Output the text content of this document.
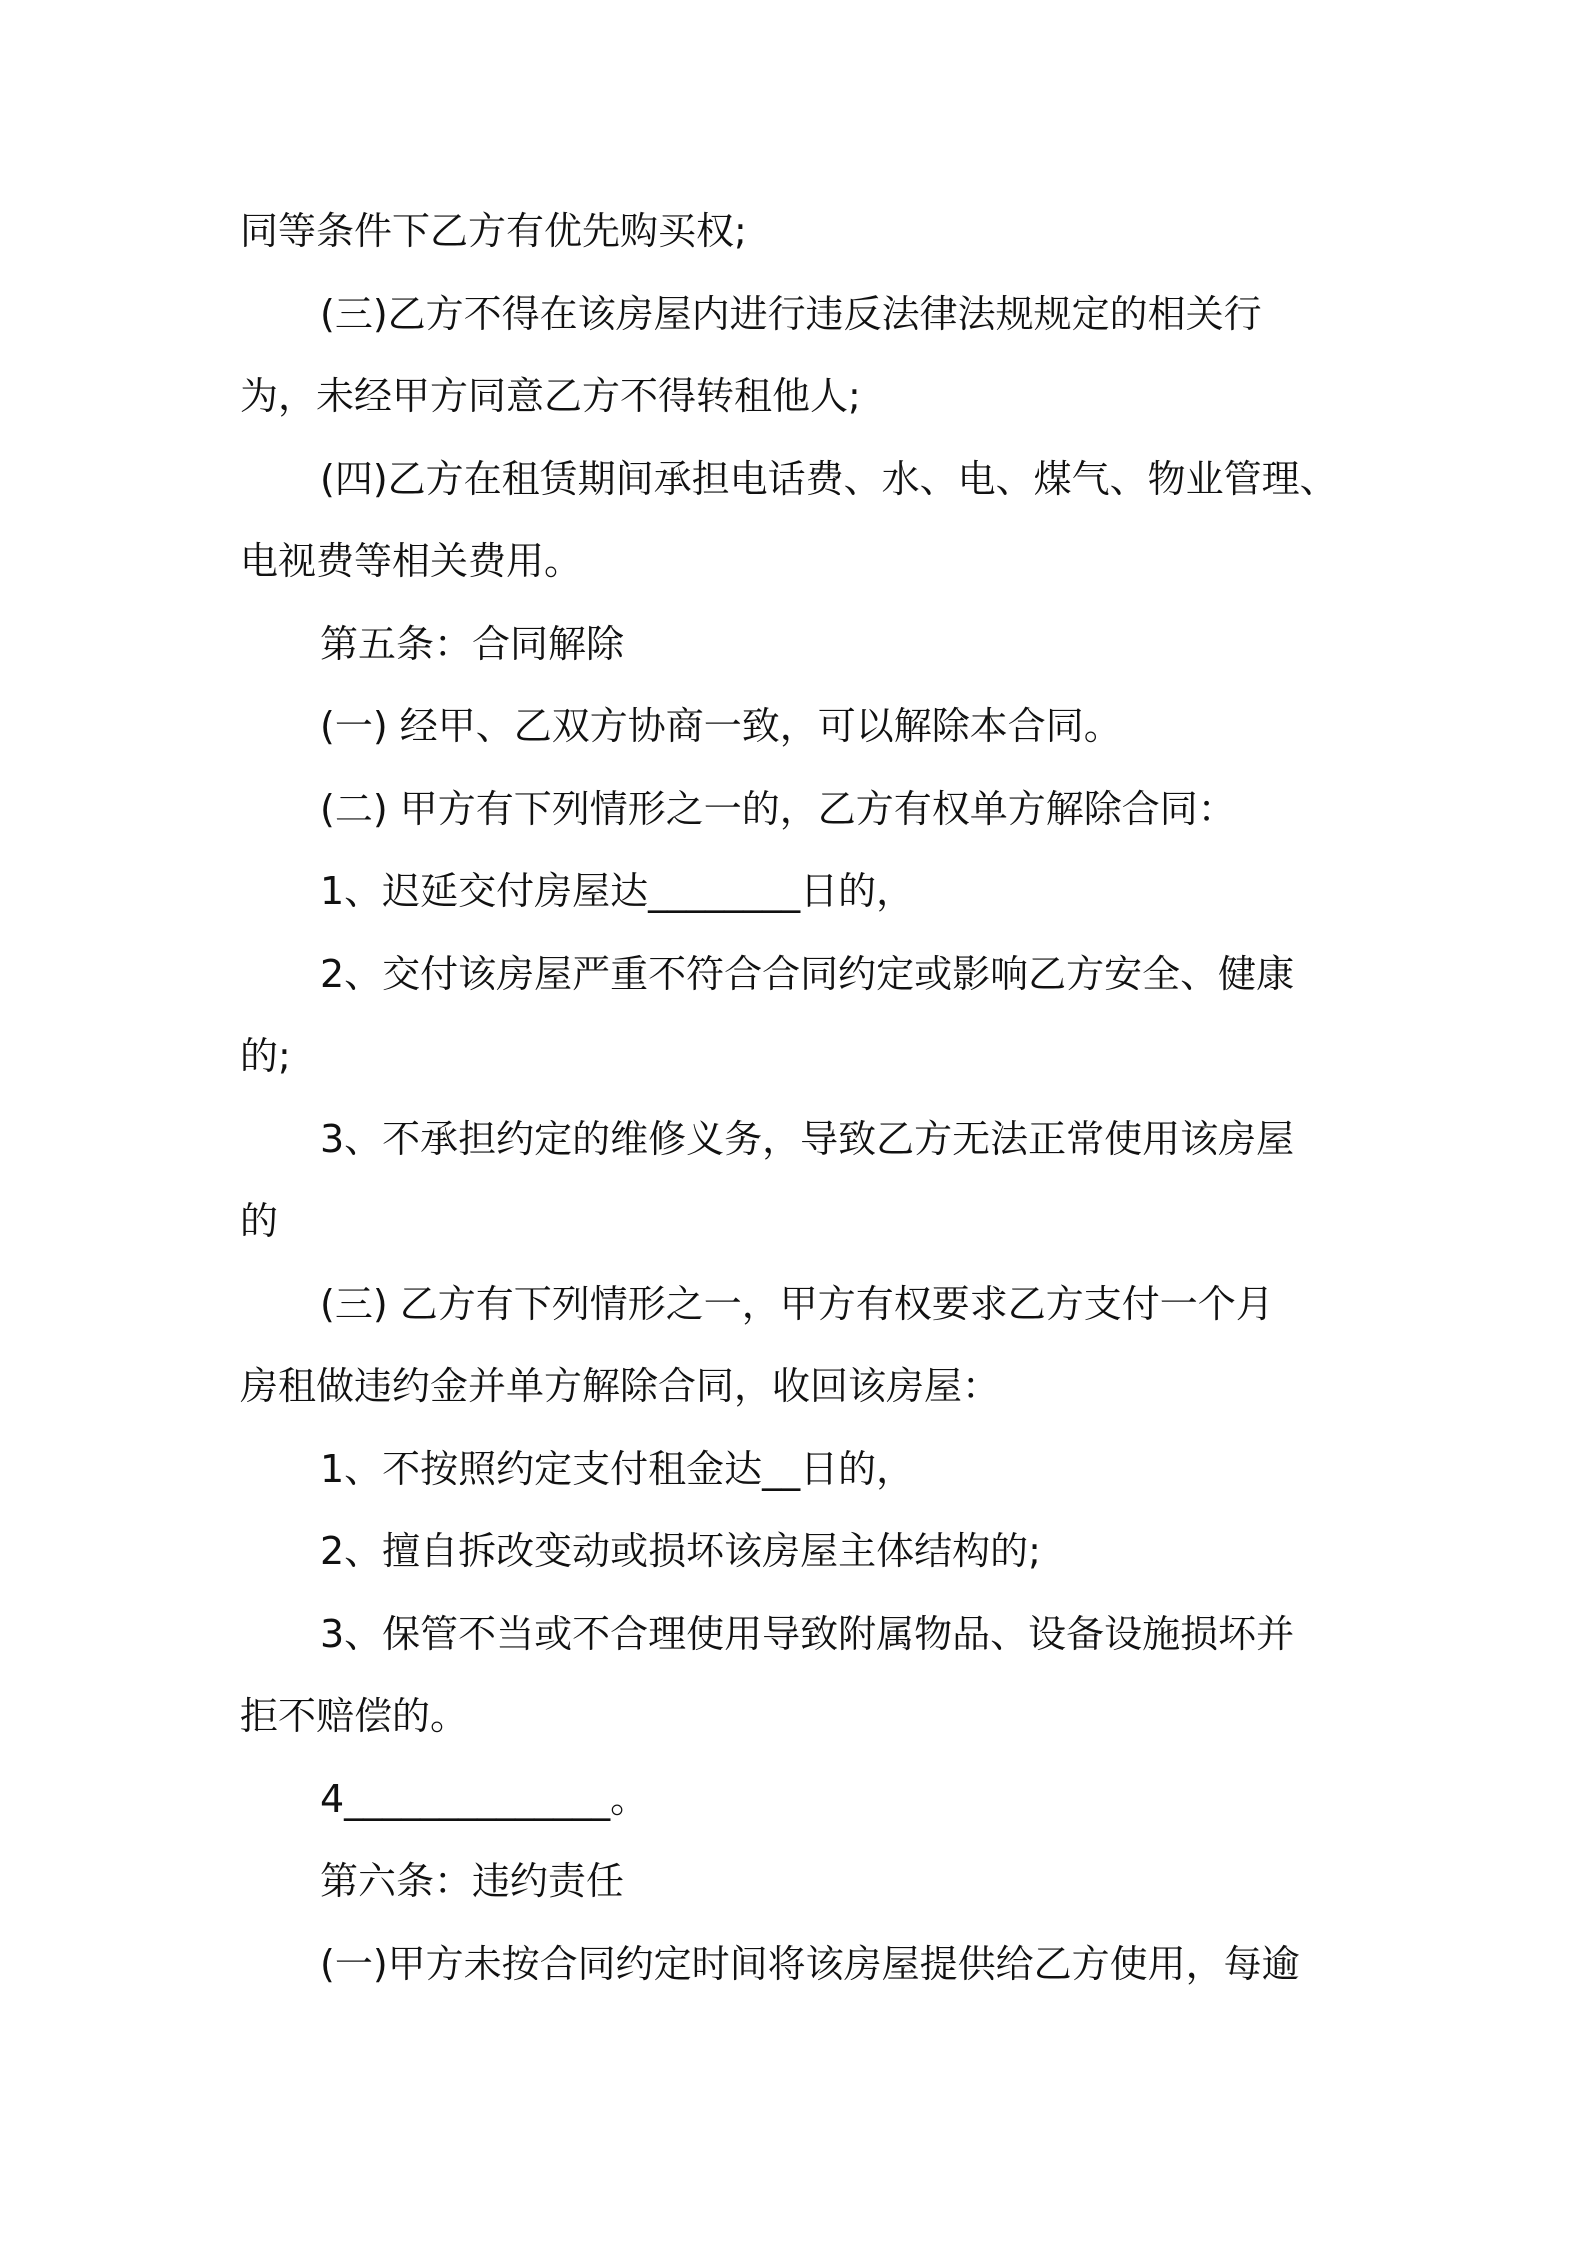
同等条件下乙方有优先购买权;
(三)乙方不得在该房屋内进行违反法律法规规定的相关行
为，未经甲方同意乙方不得转租他人;
(四)乙方在租赁期间承担电话费、水、电、煤气、物业管理、
电视费等相关费用。
第五条：合同解除
(一) 经甲、乙双方协商一致，可以解除本合同。
(二) 甲方有下列情形之一的，乙方有权单方解除合同：
1、迟延交付房屋达________日的，
2、交付该房屋严重不符合合同约定或影响乙方安全、健康
的;
3、不承担约定的维修义务，导致乙方无法正常使用该房屋
的
(三) 乙方有下列情形之一，甲方有权要求乙方支付一个月
房租做违约金并单方解除合同，收回该房屋：
1、不按照约定支付租金达__日的，
2、擅自拆改变动或损坏该房屋主体结构的;
3、保管不当或不合理使用导致附属物品、设备设施损坏并
拒不赔偿的。
4______________。
第六条：违约责任
(一)甲方未按合同约定时间将该房屋提供给乙方使用，每逾
